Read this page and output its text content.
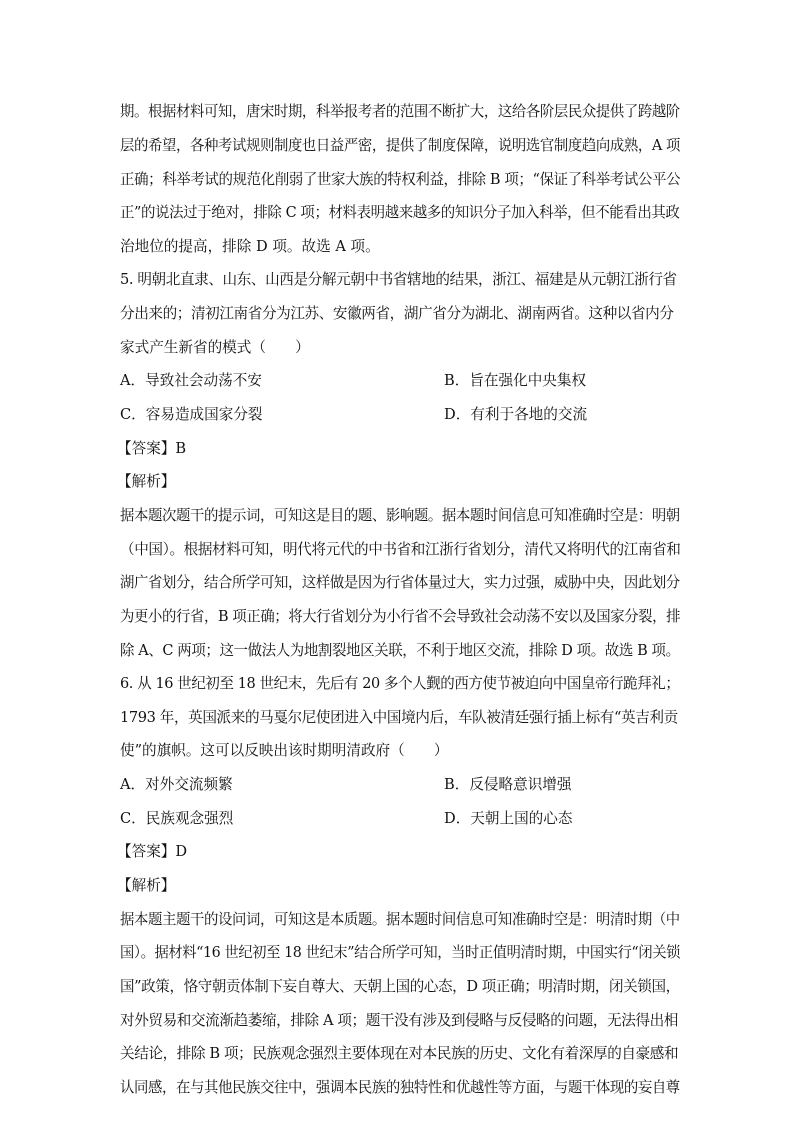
期。根据材料可知，唐宋时期，科举报考者的范围不断扩大，这给各阶层民众提供了跨越阶
层的希望，各种考试规则制度也日益严密，提供了制度保障，说明选官制度趋向成熟，A 项
正确；科举考试的规范化削弱了世家大族的特权利益，排除 B 项；“保证了科举考试公平公
正”的说法过于绝对，排除 C 项；材料表明越来越多的知识分子加入科举，但不能看出其政
治地位的提高，排除 D 项。故选 A 项。
5. 明朝北直隶、山东、山西是分解元朝中书省辖地的结果，浙江、福建是从元朝江浙行省
分出来的；清初江南省分为江苏、安徽两省，湖广省分为湖北、湖南两省。这种以省内分
家式产生新省的模式（　　）
A．导致社会动荡不安	B．旨在强化中央集权
C．容易造成国家分裂	D．有利于各地的交流
【答案】B
【解析】
据本题次题干的提示词，可知这是目的题、影响题。据本题时间信息可知准确时空是：明朝
（中国）。根据材料可知，明代将元代的中书省和江浙行省划分，清代又将明代的江南省和
湖广省划分，结合所学可知，这样做是因为行省体量过大，实力过强，威胁中央，因此划分
为更小的行省，B 项正确；将大行省划分为小行省不会导致社会动荡不安以及国家分裂，排
除 A、C 两项；这一做法人为地割裂地区关联，不利于地区交流，排除 D 项。故选 B 项。
6. 从 16 世纪初至 18 世纪末，先后有 20 多个人觐的西方使节被迫向中国皇帝行跪拜礼；
1793 年，英国派来的马戛尔尼使团进入中国境内后，车队被清廷强行插上标有“英吉利贡
使”的旗帜。这可以反映出该时期明清政府（　　）
A．对外交流频繁	B．反侵略意识增强
C．民族观念强烈	D．天朝上国的心态
【答案】D
【解析】
据本题主题干的设问词，可知这是本质题。据本题时间信息可知准确时空是：明清时期（中
国）。据材料“16 世纪初至 18 世纪末”结合所学可知，当时正值明清时期，中国实行“闭关锁
国”政策，恪守朝贡体制下妄自尊大、天朝上国的心态，D 项正确；明清时期，闭关锁国，
对外贸易和交流渐趋萎缩，排除 A 项；题干没有涉及到侵略与反侵略的问题，无法得出相
关结论，排除 B 项；民族观念强烈主要体现在对本民族的历史、文化有着深厚的自豪感和
认同感，在与其他民族交往中，强调本民族的独特性和优越性等方面，与题干体现的妄自尊
